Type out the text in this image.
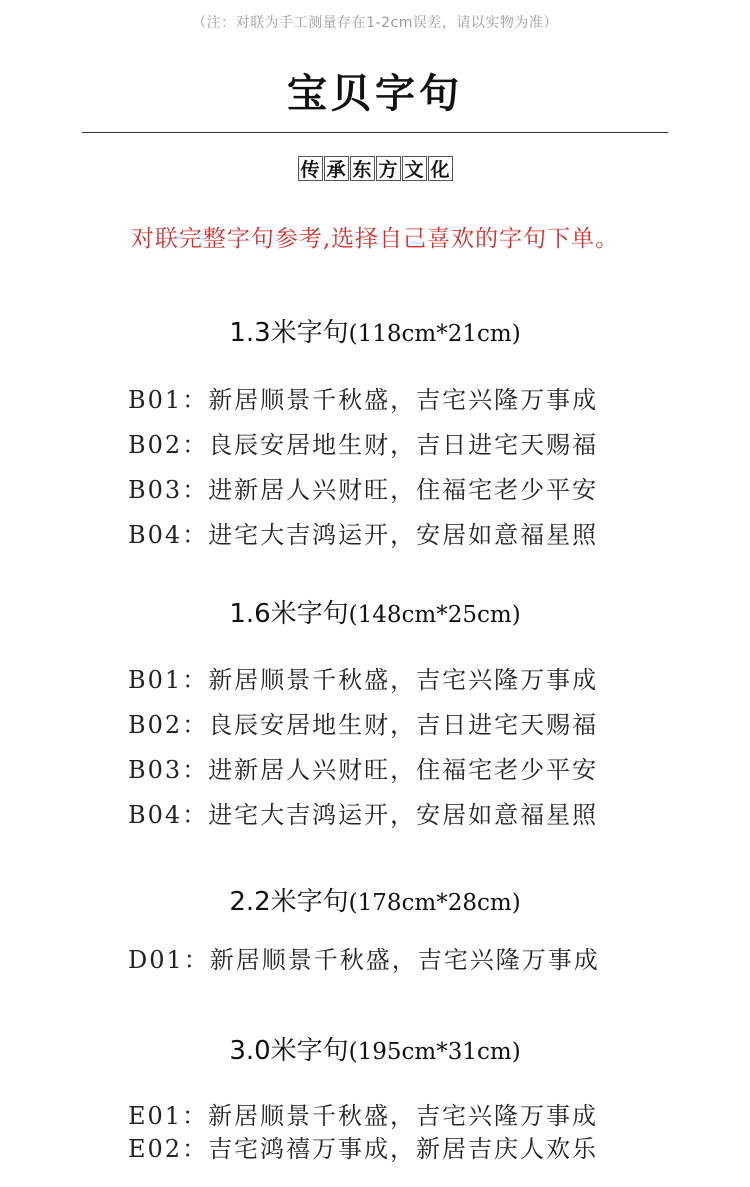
（注：对联为手工测量存在1-2cm误差，请以实物为准）
宝贝字句
传 承 东 方 文 化
对联完整字句参考,选择自己喜欢的字句下单。
1.3米字句(118cm*21cm)
B01：新居顺景千秋盛，吉宅兴隆万事成
B02：良辰安居地生财，吉日进宅天赐福
B03：进新居人兴财旺，住福宅老少平安
B04：进宅大吉鸿运开，安居如意福星照
1.6米字句(148cm*25cm)
B01：新居顺景千秋盛，吉宅兴隆万事成
B02：良辰安居地生财，吉日进宅天赐福
B03：进新居人兴财旺，住福宅老少平安
B04：进宅大吉鸿运开，安居如意福星照
2.2米字句(178cm*28cm)
D01：新居顺景千秋盛，吉宅兴隆万事成
3.0米字句(195cm*31cm)
E01：新居顺景千秋盛，吉宅兴隆万事成
E02：吉宅鸿禧万事成，新居吉庆人欢乐
